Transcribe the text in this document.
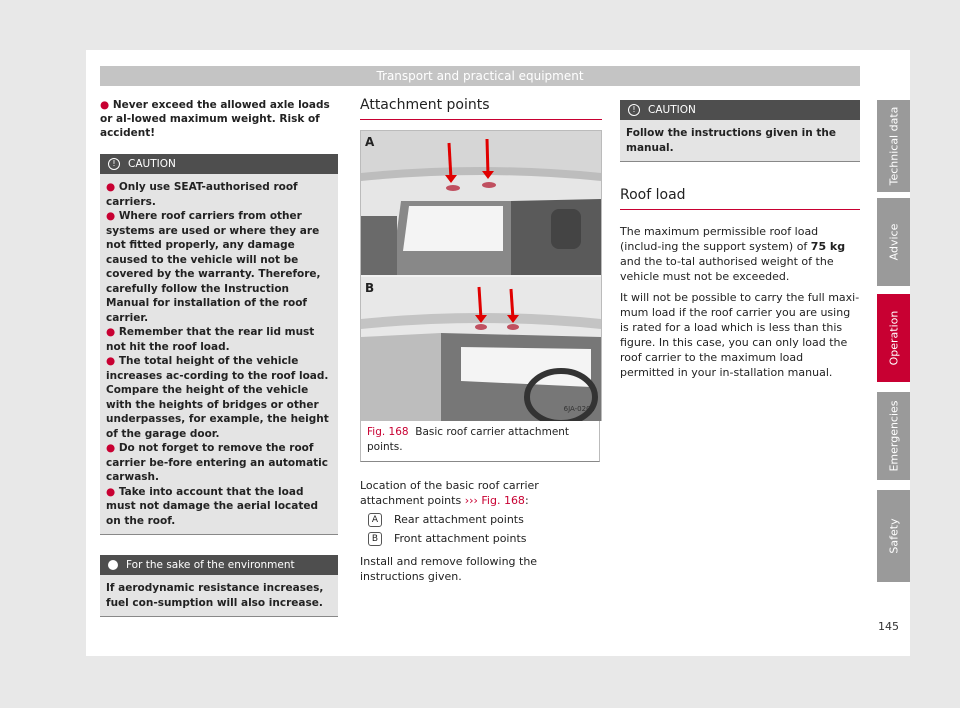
Transport and practical equipment
● Never exceed the allowed axle loads or al-lowed maximum weight. Risk of accident!
! CAUTION
● Only use SEAT-authorised roof carriers.
● Where roof carriers from other systems are used or where they are not fitted properly, any damage caused to the vehicle will not be covered by the warranty. Therefore, carefully follow the Instruction Manual for installation of the roof carrier.
● Remember that the rear lid must not hit the roof load.
● The total height of the vehicle increases ac-cording to the roof load. Compare the height of the vehicle with the heights of bridges or other underpasses, for example, the height of the garage door.
● Do not forget to remove the roof carrier be-fore entering an automatic carwash.
● Take into account that the load must not damage the aerial located on the roof.
For the sake of the environment
If aerodynamic resistance increases, fuel con-sumption will also increase.
Attachment points
A
B
6JA-0204
Fig. 168 Basic roof carrier attachment points.
Location of the basic roof carrier attachment points ››› Fig. 168:
A	Rear attachment points
B	Front attachment points
Install and remove following the instructions given.
! CAUTION
Follow the instructions given in the manual.
Roof load
The maximum permissible roof load (includ-ing the support system) of 75 kg and the to-tal authorised weight of the vehicle must not be exceeded.
It will not be possible to carry the full maxi-mum load if the roof carrier you are using is rated for a load which is less than this figure. In this case, you can only load the roof carrier to the maximum load permitted in your in-stallation manual.
Technical data
Advice
Operation
Emergencies
Safety
145
